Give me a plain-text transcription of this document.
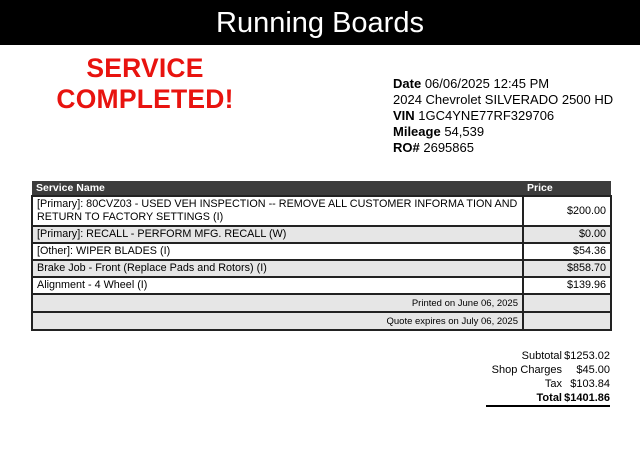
Running Boards
SERVICE
COMPLETED!
Date 06/06/2025 12:45 PM
2024 Chevrolet SILVERADO 2500 HD
VIN 1GC4YNE77RF329706
Mileage 54,539
RO# 2695865
Service Name	Price
[Primary]: 80CVZ03 - USED VEH INSPECTION -- REMOVE ALL CUSTOMER INFORMA TION AND RETURN TO FACTORY SETTINGS (I)	$200.00
[Primary]: RECALL - PERFORM MFG. RECALL (W)	$0.00
[Other]: WIPER BLADES (I)	$54.36
Brake Job - Front (Replace Pads and Rotors) (I)	$858.70
Alignment - 4 Wheel (I)	$139.96
Printed on June 06, 2025	
Quote expires on July 06, 2025	
Subtotal $1253.02
Shop Charges	$45.00
Tax $103.84
Total $1401.86
